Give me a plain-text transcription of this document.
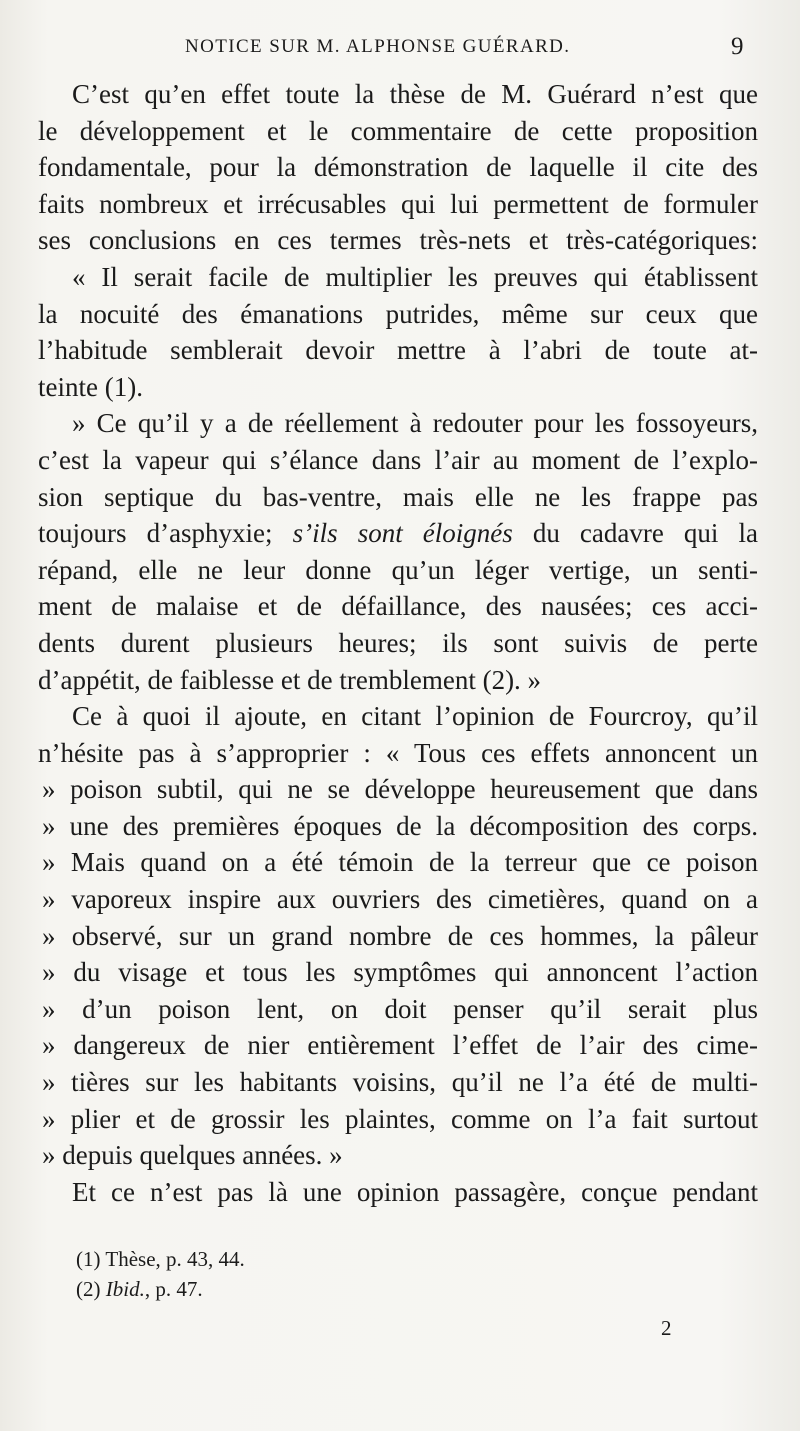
NOTICE SUR M. ALPHONSE GUÉRARD.	9
C’est qu’en effet toute la thèse de M. Guérard n’est que
le développement et le commentaire de cette proposition
fondamentale, pour la démonstration de laquelle il cite des
faits nombreux et irrécusables qui lui permettent de formuler
ses conclusions en ces termes très-nets et très-catégoriques:
« Il serait facile de multiplier les preuves qui établissent
la nocuité des émanations putrides, même sur ceux que
l’habitude semblerait devoir mettre à l’abri de toute at-
teinte (1).
» Ce qu’il y a de réellement à redouter pour les fossoyeurs,
c’est la vapeur qui s’élance dans l’air au moment de l’explo-
sion septique du bas-ventre, mais elle ne les frappe pas
toujours d’asphyxie; s’ils sont éloignés du cadavre qui la
répand, elle ne leur donne qu’un léger vertige, un senti-
ment de malaise et de défaillance, des nausées; ces acci-
dents durent plusieurs heures; ils sont suivis de perte
d’appétit, de faiblesse et de tremblement (2). »
Ce à quoi il ajoute, en citant l’opinion de Fourcroy, qu’il
n’hésite pas à s’approprier : « Tous ces effets annoncent un
» poison subtil, qui ne se développe heureusement que dans
» une des premières époques de la décomposition des corps.
» Mais quand on a été témoin de la terreur que ce poison
» vaporeux inspire aux ouvriers des cimetières, quand on a
» observé, sur un grand nombre de ces hommes, la pâleur
» du visage et tous les symptômes qui annoncent l’action
» d’un poison lent, on doit penser qu’il serait plus
» dangereux de nier entièrement l’effet de l’air des cime-
» tières sur les habitants voisins, qu’il ne l’a été de multi-
» plier et de grossir les plaintes, comme on l’a fait surtout
» depuis quelques années. »
Et ce n’est pas là une opinion passagère, conçue pendant
(1) Thèse, p. 43, 44.
(2) Ibid., p. 47.
2
